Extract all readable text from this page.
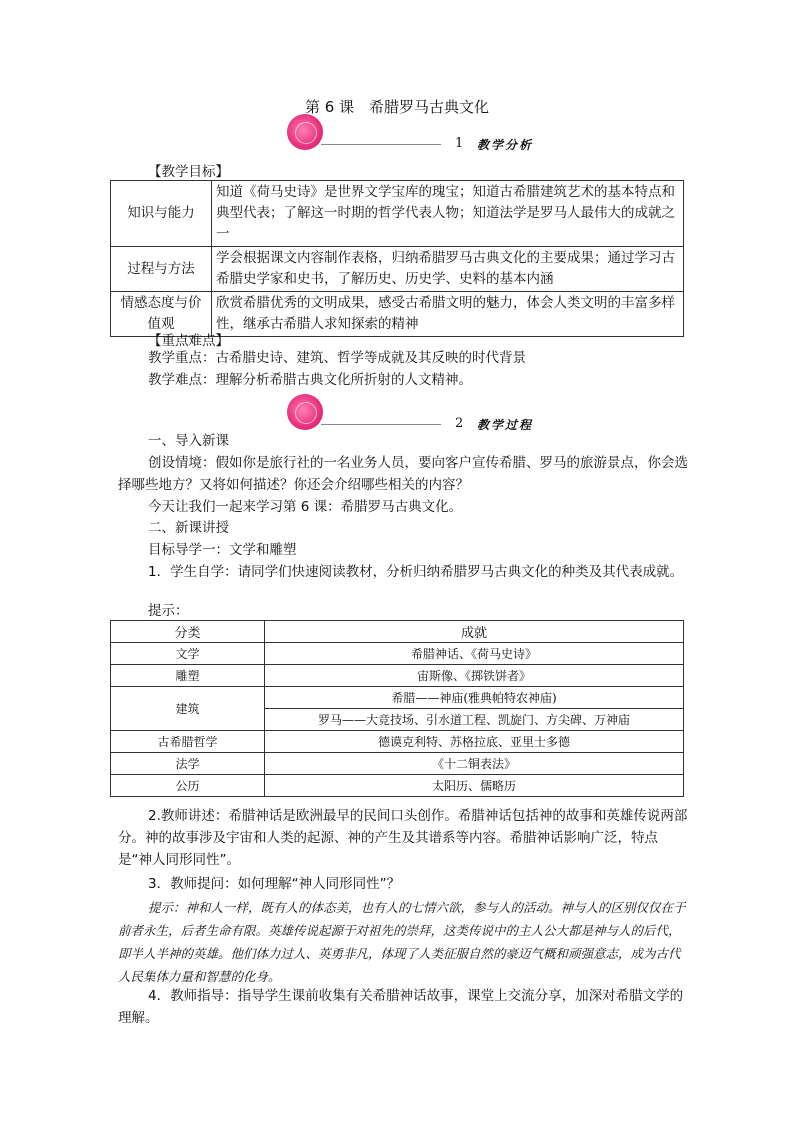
第 6 课　希腊罗马古典文化
1 教学分析
【教学目标】
知识与能力	知道《荷马史诗》是世界文学宝库的瑰宝；知道古希腊建筑艺术的基本特点和典型代表；了解这一时期的哲学代表人物；知道法学是罗马人最伟大的成就之一
过程与方法	学会根据课文内容制作表格，归纳希腊罗马古典文化的主要成果；通过学习古希腊史学家和史书，了解历史、历史学、史料的基本内涵
情感态度与价值观	欣赏希腊优秀的文明成果，感受古希腊文明的魅力，体会人类文明的丰富多样性，继承古希腊人求知探索的精神
【重点难点】
教学重点：古希腊史诗、建筑、哲学等成就及其反映的时代背景
教学难点：理解分析希腊古典文化所折射的人文精神。
2 教学过程
一、导入新课
创设情境：假如你是旅行社的一名业务人员，要向客户宣传希腊、罗马的旅游景点，你会选择哪些地方？又将如何描述？你还会介绍哪些相关的内容？
今天让我们一起来学习第 6 课：希腊罗马古典文化。
二、新课讲授
目标导学一：文学和雕塑
1．学生自学：请同学们快速阅读教材，分析归纳希腊罗马古典文化的种类及其代表成就。
提示：
分类	成就
文学	希腊神话、《荷马史诗》
雕塑	宙斯像、《掷铁饼者》
建筑	希腊——神庙(雅典帕特农神庙)
	罗马——大竞技场、引水道工程、凯旋门、方尖碑、万神庙
古希腊哲学	德谟克利特、苏格拉底、亚里士多德
法学	《十二铜表法》
公历	太阳历、儒略历
2.教师讲述：希腊神话是欧洲最早的民间口头创作。希腊神话包括神的故事和英雄传说两部分。神的故事涉及宇宙和人类的起源、神的产生及其谱系等内容。希腊神话影响广泛，特点是“神人同形同性”。
3．教师提问：如何理解“神人同形同性”？
提示：神和人一样，既有人的体态美，也有人的七情六欲，参与人的活动。神与人的区别仅仅在于前者永生，后者生命有限。英雄传说起源于对祖先的崇拜，这类传说中的主人公大都是神与人的后代，即半人半神的英雄。他们体力过人、英勇非凡，体现了人类征服自然的豪迈气概和顽强意志，成为古代人民集体力量和智慧的化身。
4．教师指导：指导学生课前收集有关希腊神话故事，课堂上交流分享，加深对希腊文学的理解。
